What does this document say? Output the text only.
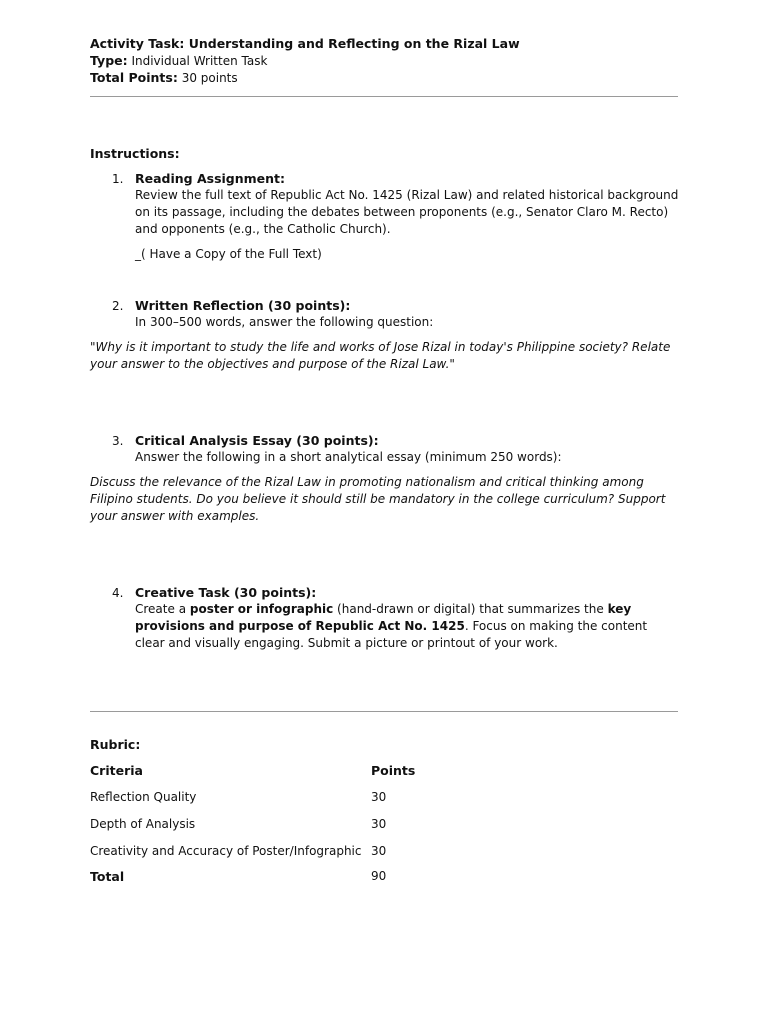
Activity Task: Understanding and Reflecting on the Rizal Law
Type: Individual Written Task
Total Points: 30 points
Instructions:
1. Reading Assignment:
Review the full text of Republic Act No. 1425 (Rizal Law) and related historical background on its passage, including the debates between proponents (e.g., Senator Claro M. Recto) and opponents (e.g., the Catholic Church).
_( Have a Copy of the Full Text)
2. Written Reflection (30 points):
In 300–500 words, answer the following question:
"Why is it important to study the life and works of Jose Rizal in today's Philippine society? Relate your answer to the objectives and purpose of the Rizal Law."
3. Critical Analysis Essay (30 points):
Answer the following in a short analytical essay (minimum 250 words):
Discuss the relevance of the Rizal Law in promoting nationalism and critical thinking among Filipino students. Do you believe it should still be mandatory in the college curriculum? Support your answer with examples.
4. Creative Task (30 points):
Create a poster or infographic (hand-drawn or digital) that summarizes the key provisions and purpose of Republic Act No. 1425. Focus on making the content clear and visually engaging. Submit a picture or printout of your work.
Rubric:
Criteria	Points
Reflection Quality	30
Depth of Analysis	30
Creativity and Accuracy of Poster/Infographic 30
Total	90
